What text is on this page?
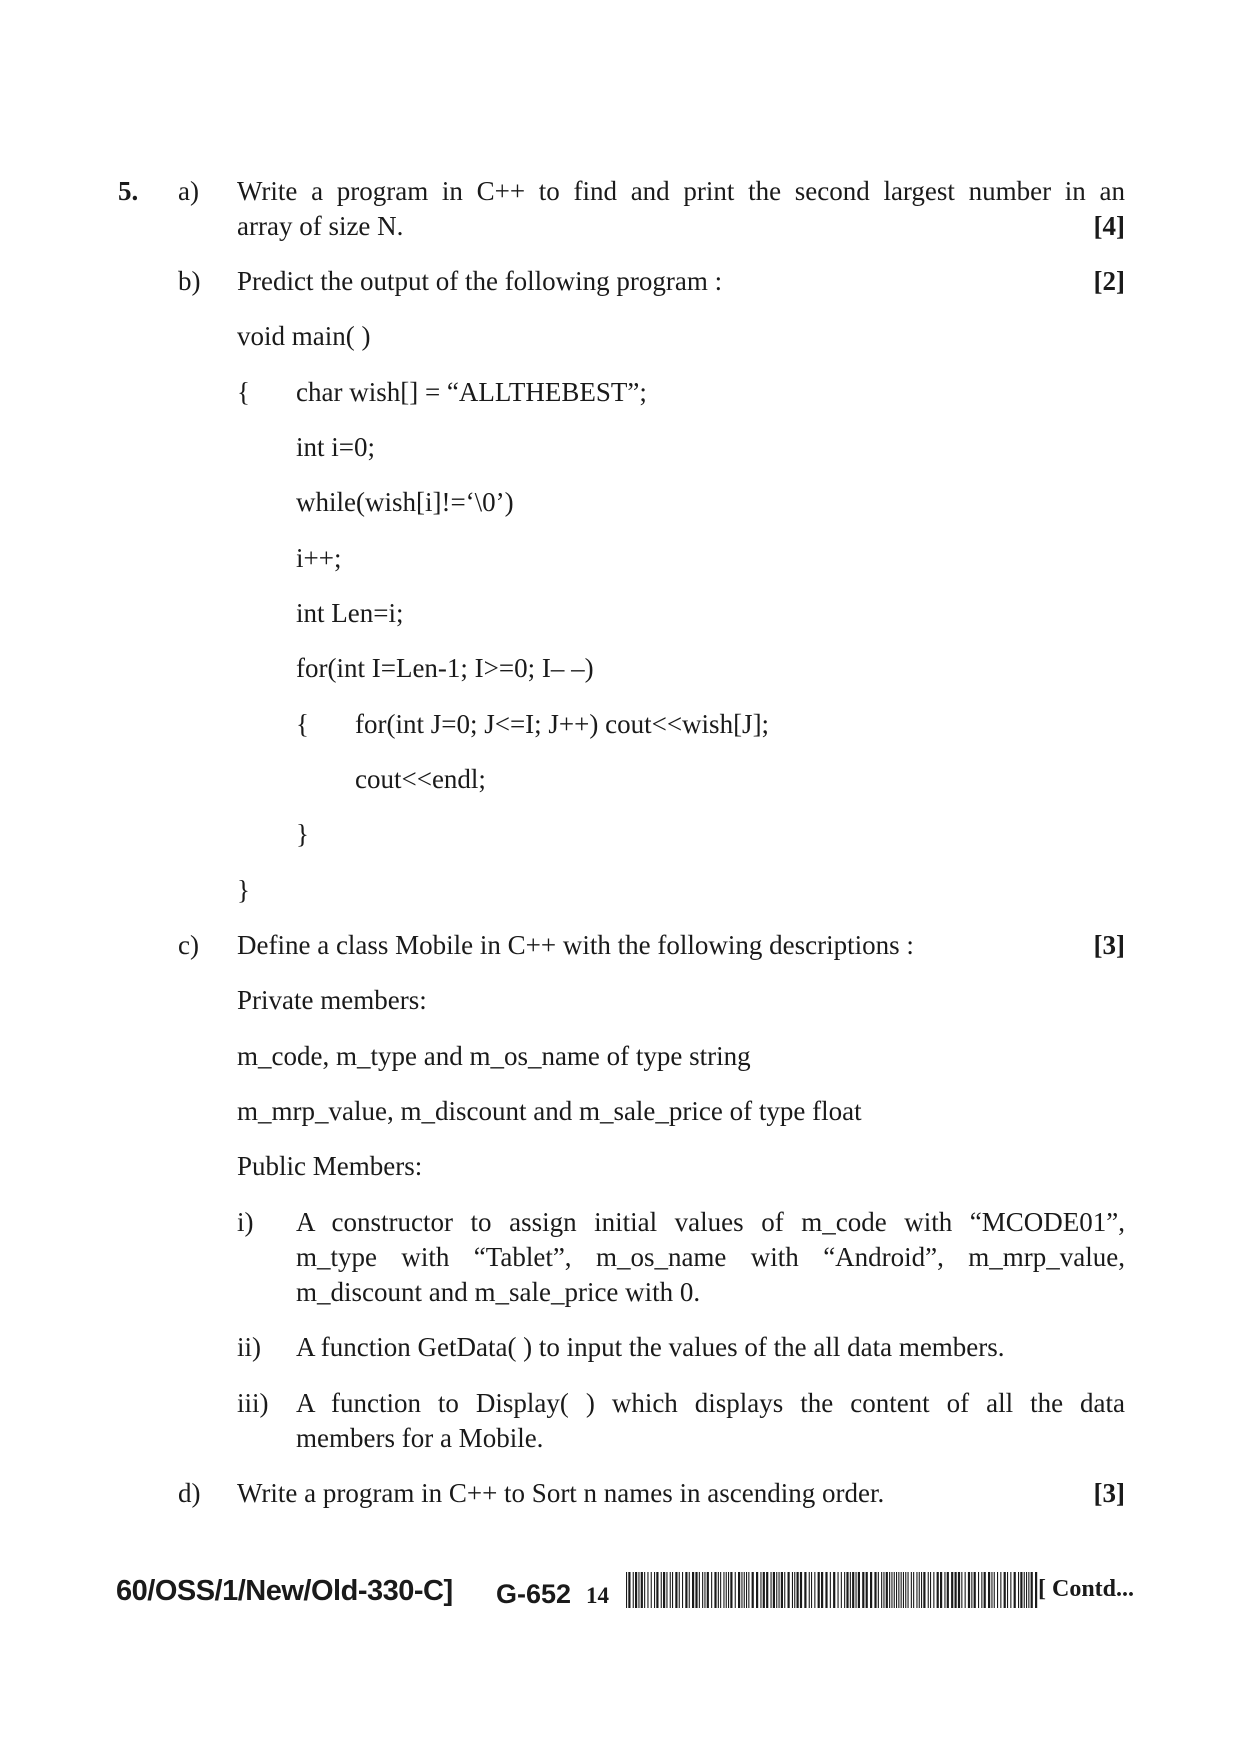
5. a) Write a program in C++ to find and print the second largest number in an
array of size N.	[4]
b) Predict the output of the following program :	[2]
void main( )
{ char wish[] = “ALLTHEBEST”;
int i=0;
while(wish[i]!=‘\0’)
i++;
int Len=i;
for(int I=Len-1; I>=0; I– –)
{ for(int J=0; J<=I; J++) cout<<wish[J];
cout<<endl;
}
}
c) Define a class Mobile in C++ with the following descriptions :	[3]
Private members:
m_code, m_type and m_os_name of type string
m_mrp_value, m_discount and m_sale_price of type float
Public Members:
i) A constructor to assign initial values of m_code with “MCODE01”,
m_type with “Tablet”, m_os_name with “Android”, m_mrp_value,
m_discount and m_sale_price with 0.
ii) A function GetData( ) to input the values of the all data members.
iii) A function to Display( ) which displays the content of all the data
members for a Mobile.
d) Write a program in C++ to Sort n names in ascending order.	[3]
60/OSS/1/New/Old-330-C] G-652 14	[ Contd...
